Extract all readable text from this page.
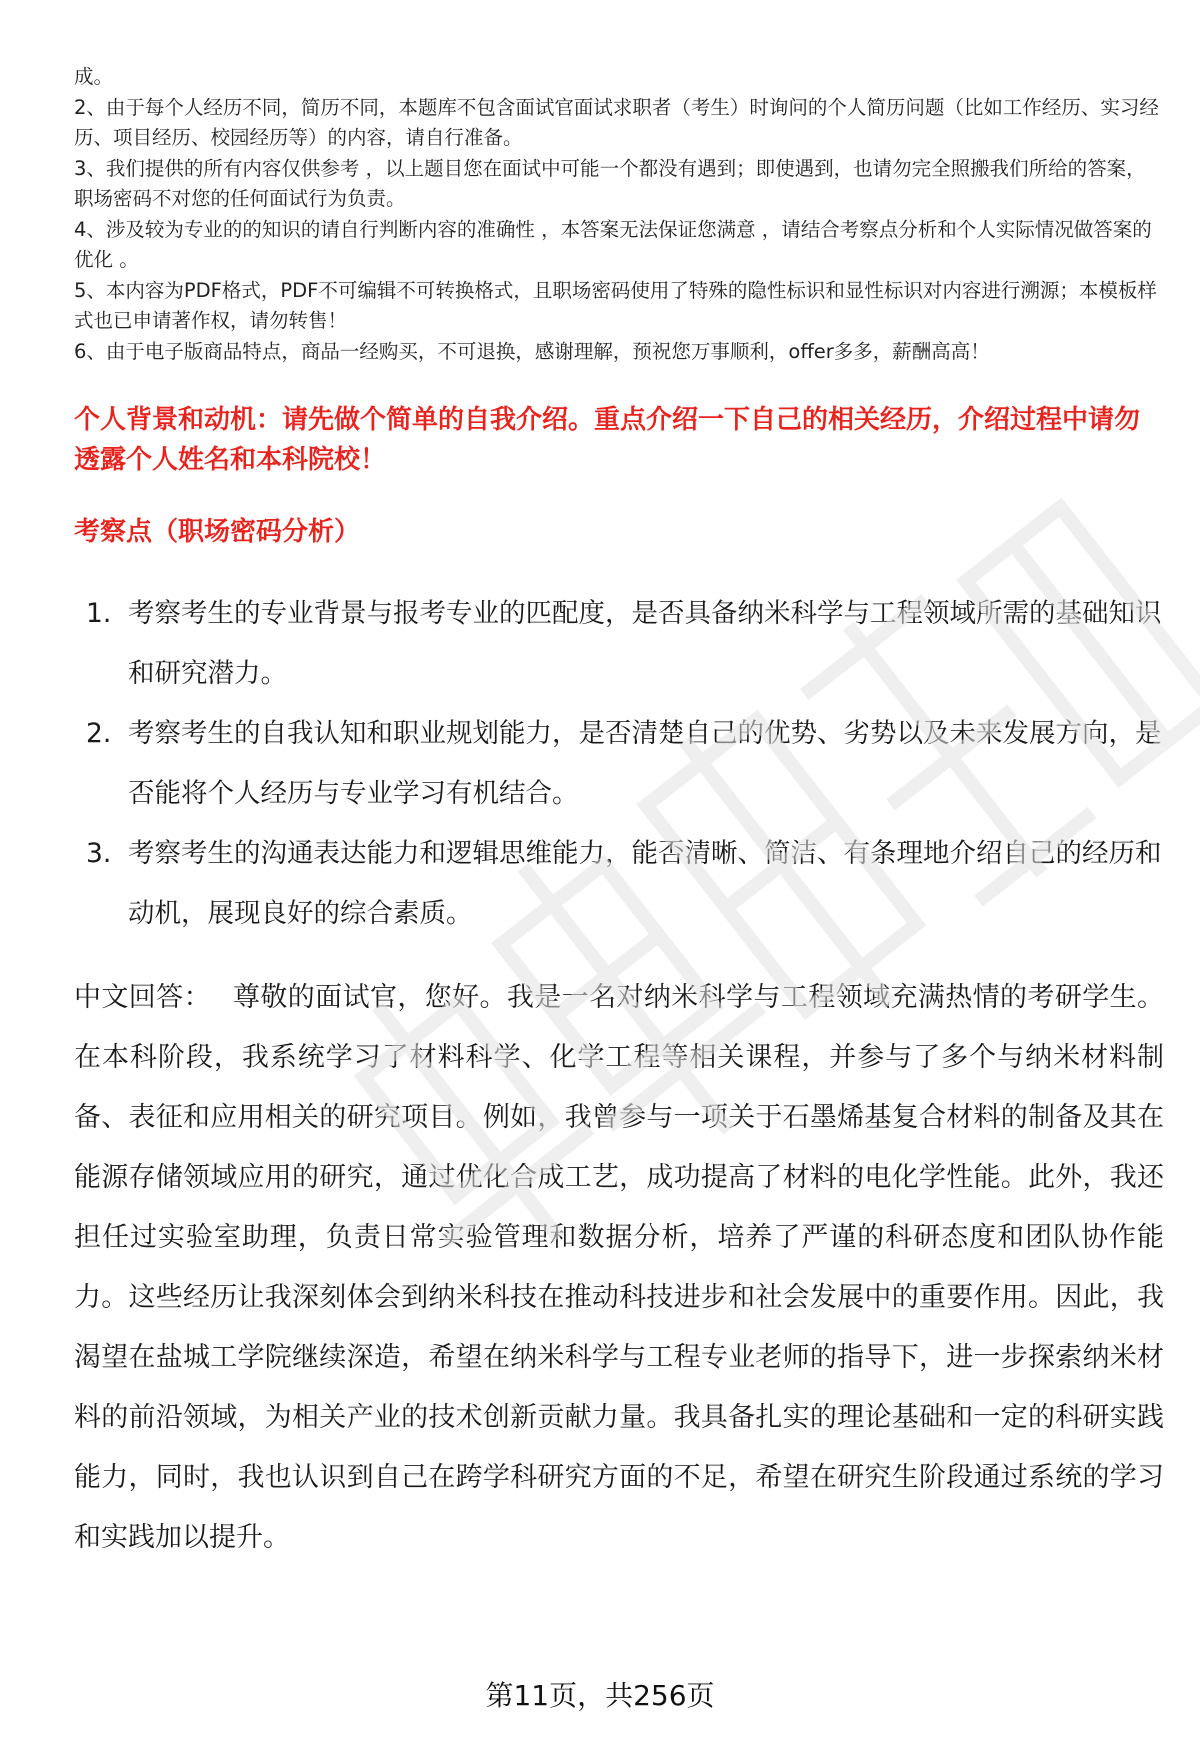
成。

2、由于每个人经历不同，简历不同，本题库不包含面试官面试求职者（考生）时询问的个人简历问题（比如工作经历、实习经历、项目经历、校园经历等）的内容，请自行准备。

3、我们提供的所有内容仅供参考 ，以上题目您在面试中可能一个都没有遇到；即使遇到，也请勿完全照搬我们所给的答案，职场密码不对您的任何面试行为负责。

4、涉及较为专业的的知识的请自行判断内容的准确性 ，本答案无法保证您满意 ，请结合考察点分析和个人实际情况做答案的优化 。

5、本内容为PDF格式，PDF不可编辑不可转换格式，且职场密码使用了特殊的隐性标识和显性标识对内容进行溯源；本模板样式也已申请著作权，请勿转售！

6、由于电子版商品特点，商品一经购买，不可退换，感谢理解，预祝您万事顺利，offer多多，薪酬高高！

个人背景和动机：请先做个简单的自我介绍。重点介绍一下自己的相关经历，介绍过程中请勿透露个人姓名和本科院校！
考察点（职场密码分析）
1. 考察考生的专业背景与报考专业的匹配度，是否具备纳米科学与工程领域所需的基础知识和研究潜力。
2. 考察考生的自我认知和职业规划能力，是否清楚自己的优势、劣势以及未来发展方向，是否能将个人经历与专业学习有机结合。
3. 考察考生的沟通表达能力和逻辑思维能力，能否清晰、简洁、有条理地介绍自己的经历和动机，展现良好的综合素质。

中文回答： 尊敬的面试官，您好。我是一名对纳米科学与工程领域充满热情的考研学生。在本科阶段，我系统学习了材料科学、化学工程等相关课程，并参与了多个与纳米材料制备、表征和应用相关的研究项目。例如，我曾参与一项关于石墨烯基复合材料的制备及其在能源存储领域应用的研究，通过优化合成工艺，成功提高了材料的电化学性能。此外，我还担任过实验室助理，负责日常实验管理和数据分析，培养了严谨的科研态度和团队协作能力。这些经历让我深刻体会到纳米科技在推动科技进步和社会发展中的重要作用。因此，我渴望在盐城工学院继续深造，希望在纳米科学与工程专业老师的指导下，进一步探索纳米材料的前沿领域，为相关产业的技术创新贡献力量。我具备扎实的理论基础和一定的科研实践能力，同时，我也认识到自己在跨学科研究方面的不足，希望在研究生阶段通过系统的学习和实践加以提升。

第11页，共256页
